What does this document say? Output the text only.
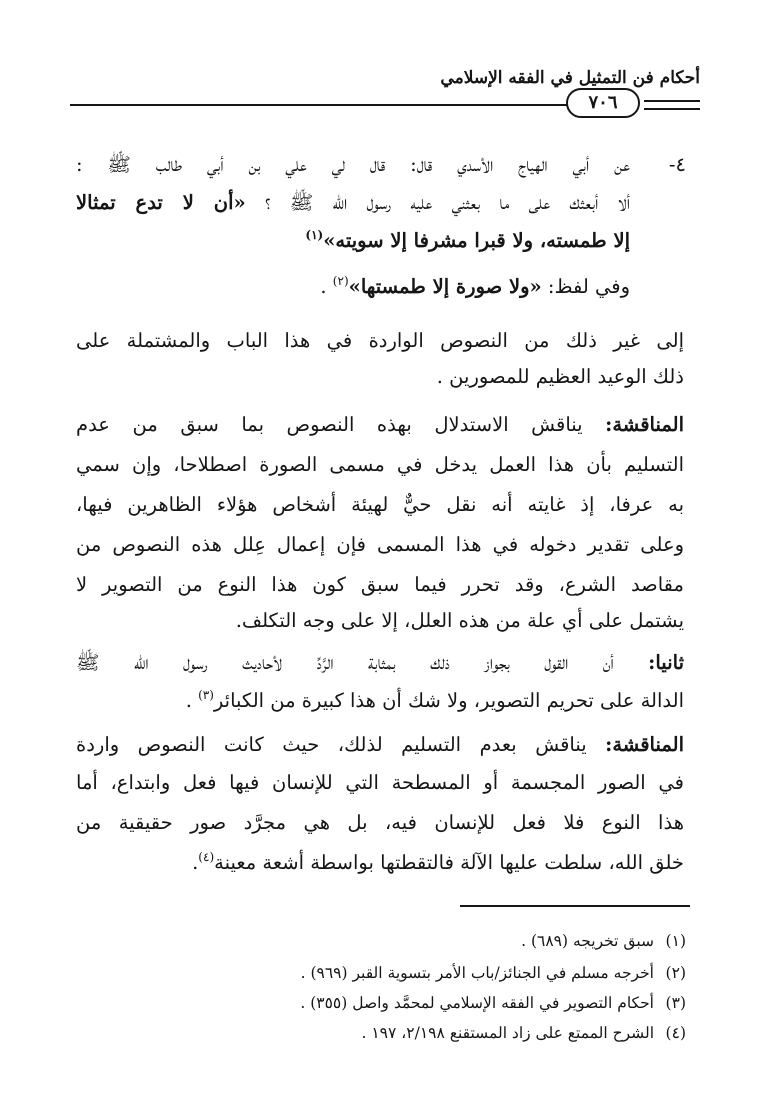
أحكام فن التمثيل في الفقه الإسلامي
٧٠٦
٤-
عن أبي الهياج الأسدي قال: قال لي علي بن أبي طالب ﷺ :
ألا أبعثك على ما بعثني عليه رسول الله ﷺ ؟ «أن لا تدع تمثالا
إلا طمسته، ولا قبرا مشرفا إلا سويته»$^{(١)}$
وفي لفظ: «ولا صورة إلا طمستها»$^{(٢)}$ .
إلى غير ذلك من النصوص الواردة في هذا الباب والمشتملة على
ذلك الوعيد العظيم للمصورين .
المناقشة: يناقش الاستدلال بهذه النصوص بما سبق من عدم
التسليم بأن هذا العمل يدخل في مسمى الصورة اصطلاحا، وإن سمي
به عرفا، إذ غايته أنه نقل حيٌّ لهيئة أشخاص هؤلاء الظاهرين فيها،
وعلى تقدير دخوله في هذا المسمى فإن إعمال عِلل هذه النصوص من
مقاصد الشرع، وقد تحرر فيما سبق كون هذا النوع من التصوير لا
يشتمل على أي علة من هذه العلل، إلا على وجه التكلف.
ثانيا: أن القول بجواز ذلك بمثابة الرَّدِّ لأحاديث رسول الله ﷺ
الدالة على تحريم التصوير، ولا شك أن هذا كبيرة من الكبائر$^{(٣)}$ .
المناقشة: يناقش بعدم التسليم لذلك، حيث كانت النصوص واردة
في الصور المجسمة أو المسطحة التي للإنسان فيها فعل وابتداع، أما
هذا النوع فلا فعل للإنسان فيه، بل هي مجرَّد صور حقيقية من
خلق الله، سلطت عليها الآلة فالتقطتها بواسطة أشعة معينة$^{(٤)}$.
(١)سبق تخريجه (٦٨٩) .
(٢)أخرجه مسلم في الجنائز/باب الأمر بتسوية القبر (٩٦٩) .
(٣)أحكام التصوير في الفقه الإسلامي لمحمَّد واصل (٣٥٥) .
(٤)الشرح الممتع على زاد المستقنع ٢/١٩٨، ١٩٧ .
